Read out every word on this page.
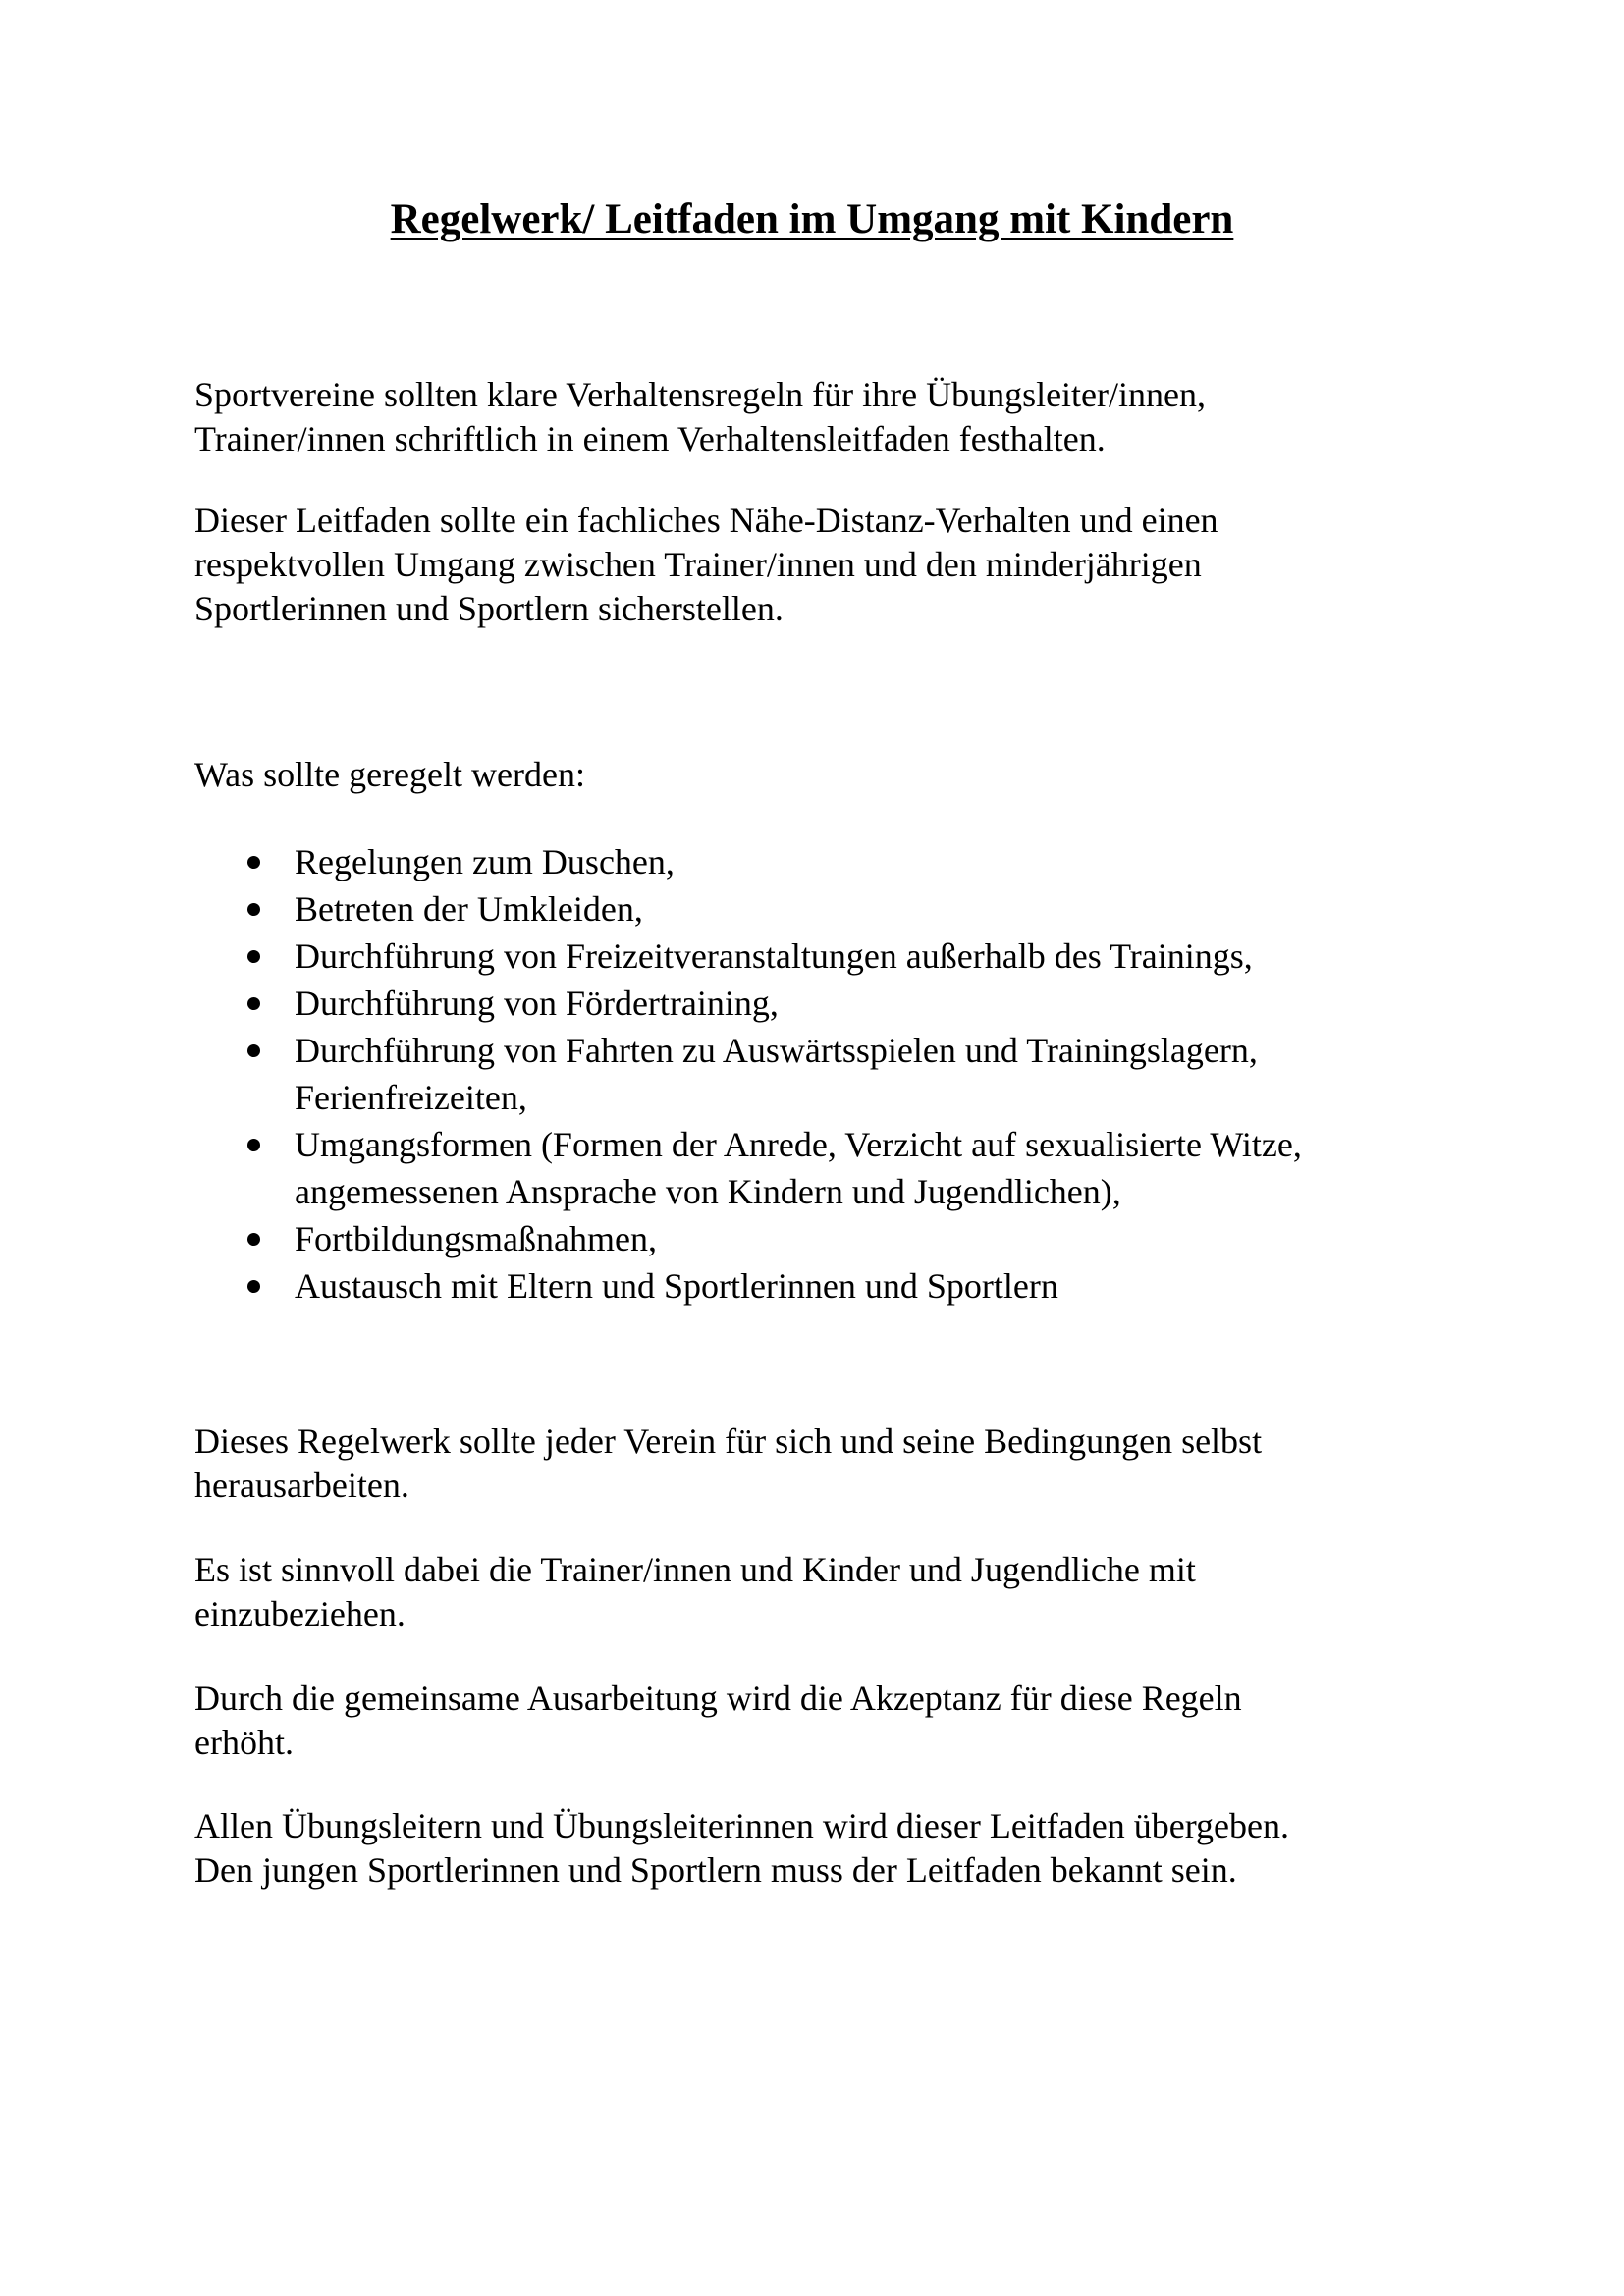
Regelwerk/ Leitfaden im Umgang mit Kindern

Sportvereine sollten klare Verhaltensregeln für ihre Übungsleiter/innen,
Trainer/innen schriftlich in einem Verhaltensleitfaden festhalten.

Dieser Leitfaden sollte ein fachliches Nähe-Distanz-Verhalten und einen
respektvollen Umgang zwischen Trainer/innen und den minderjährigen
Sportlerinnen und Sportlern sicherstellen.

Was sollte geregelt werden:

Regelungen zum Duschen,
Betreten der Umkleiden,
Durchführung von Freizeitveranstaltungen außerhalb des Trainings,
Durchführung von Fördertraining,
Durchführung von Fahrten zu Auswärtsspielen und Trainingslagern,
Ferienfreizeiten,
Umgangsformen (Formen der Anrede, Verzicht auf sexualisierte Witze,
angemessenen Ansprache von Kindern und Jugendlichen),
Fortbildungsmaßnahmen,
Austausch mit Eltern und Sportlerinnen und Sportlern

Dieses Regelwerk sollte jeder Verein für sich und seine Bedingungen selbst
herausarbeiten.

Es ist sinnvoll dabei die Trainer/innen und Kinder und Jugendliche mit
einzubeziehen.

Durch die gemeinsame Ausarbeitung wird die Akzeptanz für diese Regeln
erhöht.

Allen Übungsleitern und Übungsleiterinnen wird dieser Leitfaden übergeben.
Den jungen Sportlerinnen und Sportlern muss der Leitfaden bekannt sein.
